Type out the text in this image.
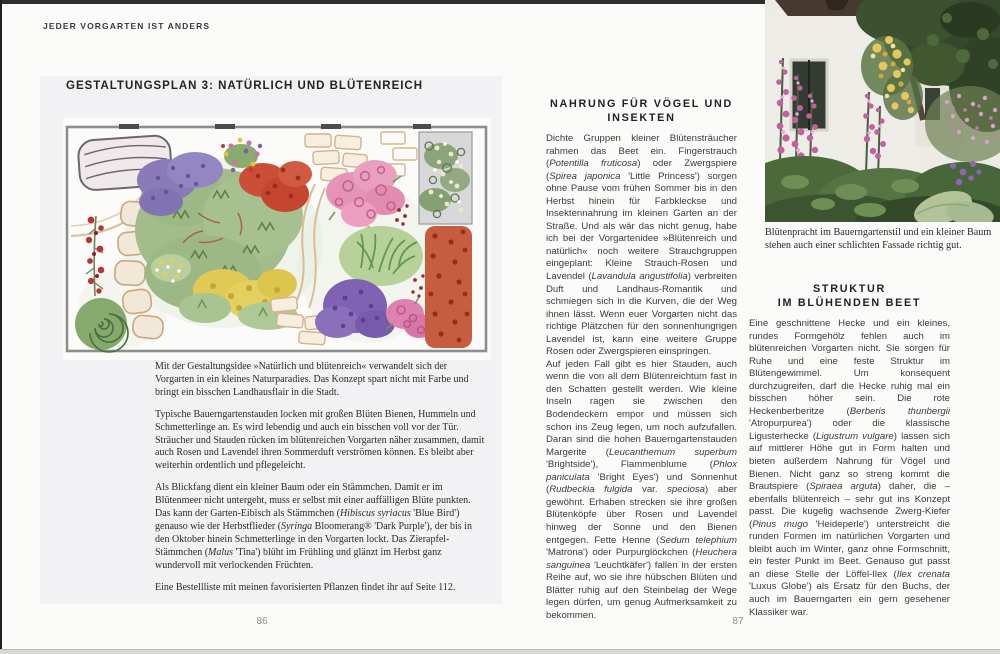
JEDER VORGARTEN IST ANDERS
GESTALTUNGSPLAN 3: NATÜRLICH UND BLÜTENREICH

Mit der Gestaltungsidee »Natürlich und blütenreich« verwandelt sich der Vorgarten in ein kleines Naturparadies. Das Konzept spart nicht mit Farbe und bringt ein bisschen Landhausflair in die Stadt.

Typische Bauerngartenstauden locken mit großen Blüten Bienen, Hummeln und Schmetterlinge an. Es wird lebendig und auch ein bisschen voll vor der Tür. Sträucher und Stauden rücken im blütenreichen Vorgarten näher zusammen, damit auch Rosen und Lavendel ihren Sommerduft verströmen können. Es bleibt aber weiterhin ordentlich und pflegeleicht.

Als Blickfang dient ein kleiner Baum oder ein Stämmchen. Damit er im Blütenmeer nicht untergeht, muss er selbst mit einer auffälligen Blüte punkten. Das kann der Garten-Eibisch als Stämmchen (Hibiscus syriacus 'Blue Bird') genauso wie der Herbstflieder (Syringa Bloomerang® 'Dark Purple'), der bis in den Oktober hinein Schmetterlinge in den Vorgarten lockt. Das Zierapfel-Stämmchen (Malus 'Tina') blüht im Frühling und glänzt im Herbst ganz wundervoll mit verlockenden Früchten.

Eine Bestellliste mit meinen favorisierten Pflanzen findet ihr auf Seite 112.

NAHRUNG FÜR VÖGEL UND INSEKTEN

Dichte Gruppen kleiner Blütensträucher rahmen das Beet ein. Fingerstrauch (Potentilla fruticosa) oder Zwergspiere (Spirea japonica 'Little Princess') sorgen ohne Pause vom frühen Sommer bis in den Herbst hinein für Farbkleckse und Insektennahrung im kleinen Garten an der Straße. Und als wär das nicht genug, habe ich bei der Vorgartenidee »Blütenreich und natürlich« noch weitere Strauchgruppen eingeplant: Kleine Strauch-Rosen und Lavendel (Lavandula angustifolia) verbreiten Duft und Landhaus-Romantik und schmiegen sich in die Kurven, die der Weg ihnen lässt. Wenn euer Vorgarten nicht das richtige Plätzchen für den sonnenhungrigen Lavendel ist, kann eine weitere Gruppe Rosen oder Zwergspieren einspringen.

Auf jeden Fall gibt es hier Stauden, auch wenn die von all dem Blütenreichtum fast in den Schatten gestellt werden. Wie kleine Inseln ragen sie zwischen den Bodendeckern empor und müssen sich schon ins Zeug legen, um noch aufzufallen. Daran sind die hohen Bauerngartenstauden Margerite (Leucanthemum superbum 'Brightside'), Flammenblume (Phlox paniculata 'Bright Eyes') und Sonnenhut (Rudbeckia fulgida var. speciosa) aber gewöhnt. Erhaben strecken sie ihre großen Blütenköpfe über Rosen und Lavendel hinweg der Sonne und den Bienen entgegen. Fette Henne (Sedum telephium 'Matrona') oder Purpurglöckchen (Heuchera sanguinea 'Leuchtkäfer') fallen in der ersten Reihe auf, wo sie ihre hübschen Blüten und Blätter ruhig auf den Steinbelag der Wege legen dürfen, um genug Aufmerksamkeit zu bekommen.

Blütenpracht im Bauerngartenstil und ein kleiner Baum stehen auch einer schlichten Fassade richtig gut.
STRUKTUR
IM BLÜHENDEN BEET

Eine geschnittene Hecke und ein kleines, rundes Formgehölz fehlen auch im blütenreichen Vorgarten nicht. Sie sorgen für Ruhe und eine feste Struktur im Blütengewimmel. Um konsequent durchzugreifen, darf die Hecke ruhig mal ein bisschen höher sein. Die rote Heckenberberitze (Berberis thunbergii 'Atropurpurea') oder die klassische Ligusterhecke (Ligustrum vulgare) lassen sich auf mittlerer Höhe gut in Form halten und bieten außerdem Nahrung für Vögel und Bienen. Nicht ganz so streng kommt die Brautspiere (Spiraea arguta) daher, die – ebenfalls blütenreich – sehr gut ins Konzept passt. Die kugelig wachsende Zwerg-Kiefer (Pinus mugo 'Heideperle') unterstreicht die runden Formen im natürlichen Vorgarten und bleibt auch im Winter, ganz ohne Formschnitt, ein fester Punkt im Beet. Genauso gut passt an diese Stelle der Löffel-Ilex (Ilex crenata 'Luxus Globe') als Ersatz für den Buchs, der auch im Bauerngarten ein gern gesehener Klassiker war.

86	87
